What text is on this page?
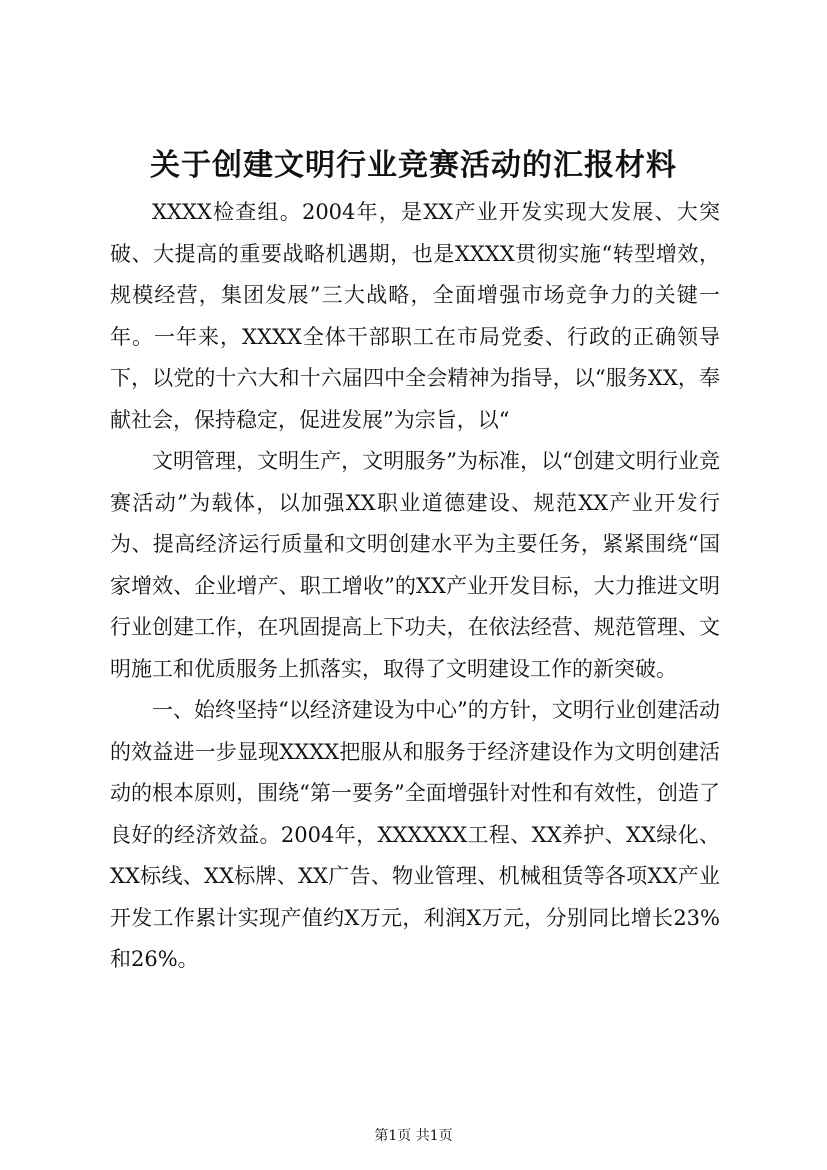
关于创建文明行业竞赛活动的汇报材料

XXXX检查组。2004年，是XX产业开发实现大发展、大突破、大提高的重要战略机遇期，也是XXXX贯彻实施“转型增效，规模经营，集团发展”三大战略，全面增强市场竞争力的关键一年。一年来，XXXX全体干部职工在市局党委、行政的正确领导下，以党的十六大和十六届四中全会精神为指导，以“服务XX，奉献社会，保持稳定，促进发展”为宗旨，以“

文明管理，文明生产，文明服务”为标准，以“创建文明行业竞赛活动”为载体，以加强XX职业道德建设、规范XX产业开发行为、提高经济运行质量和文明创建水平为主要任务，紧紧围绕“国家增效、企业增产、职工增收”的XX产业开发目标，大力推进文明行业创建工作，在巩固提高上下功夫，在依法经营、规范管理、文明施工和优质服务上抓落实，取得了文明建设工作的新突破。

一、始终坚持“以经济建设为中心”的方针，文明行业创建活动的效益进一步显现XXXX把服从和服务于经济建设作为文明创建活动的根本原则，围绕“第一要务”全面增强针对性和有效性，创造了良好的经济效益。2004年，XXXXXX工程、XX养护、XX绿化、XX标线、XX标牌、XX广告、物业管理、机械租赁等各项XX产业开发工作累计实现产值约X万元，利润X万元，分别同比增长23%和26%。

第1页 共1页
